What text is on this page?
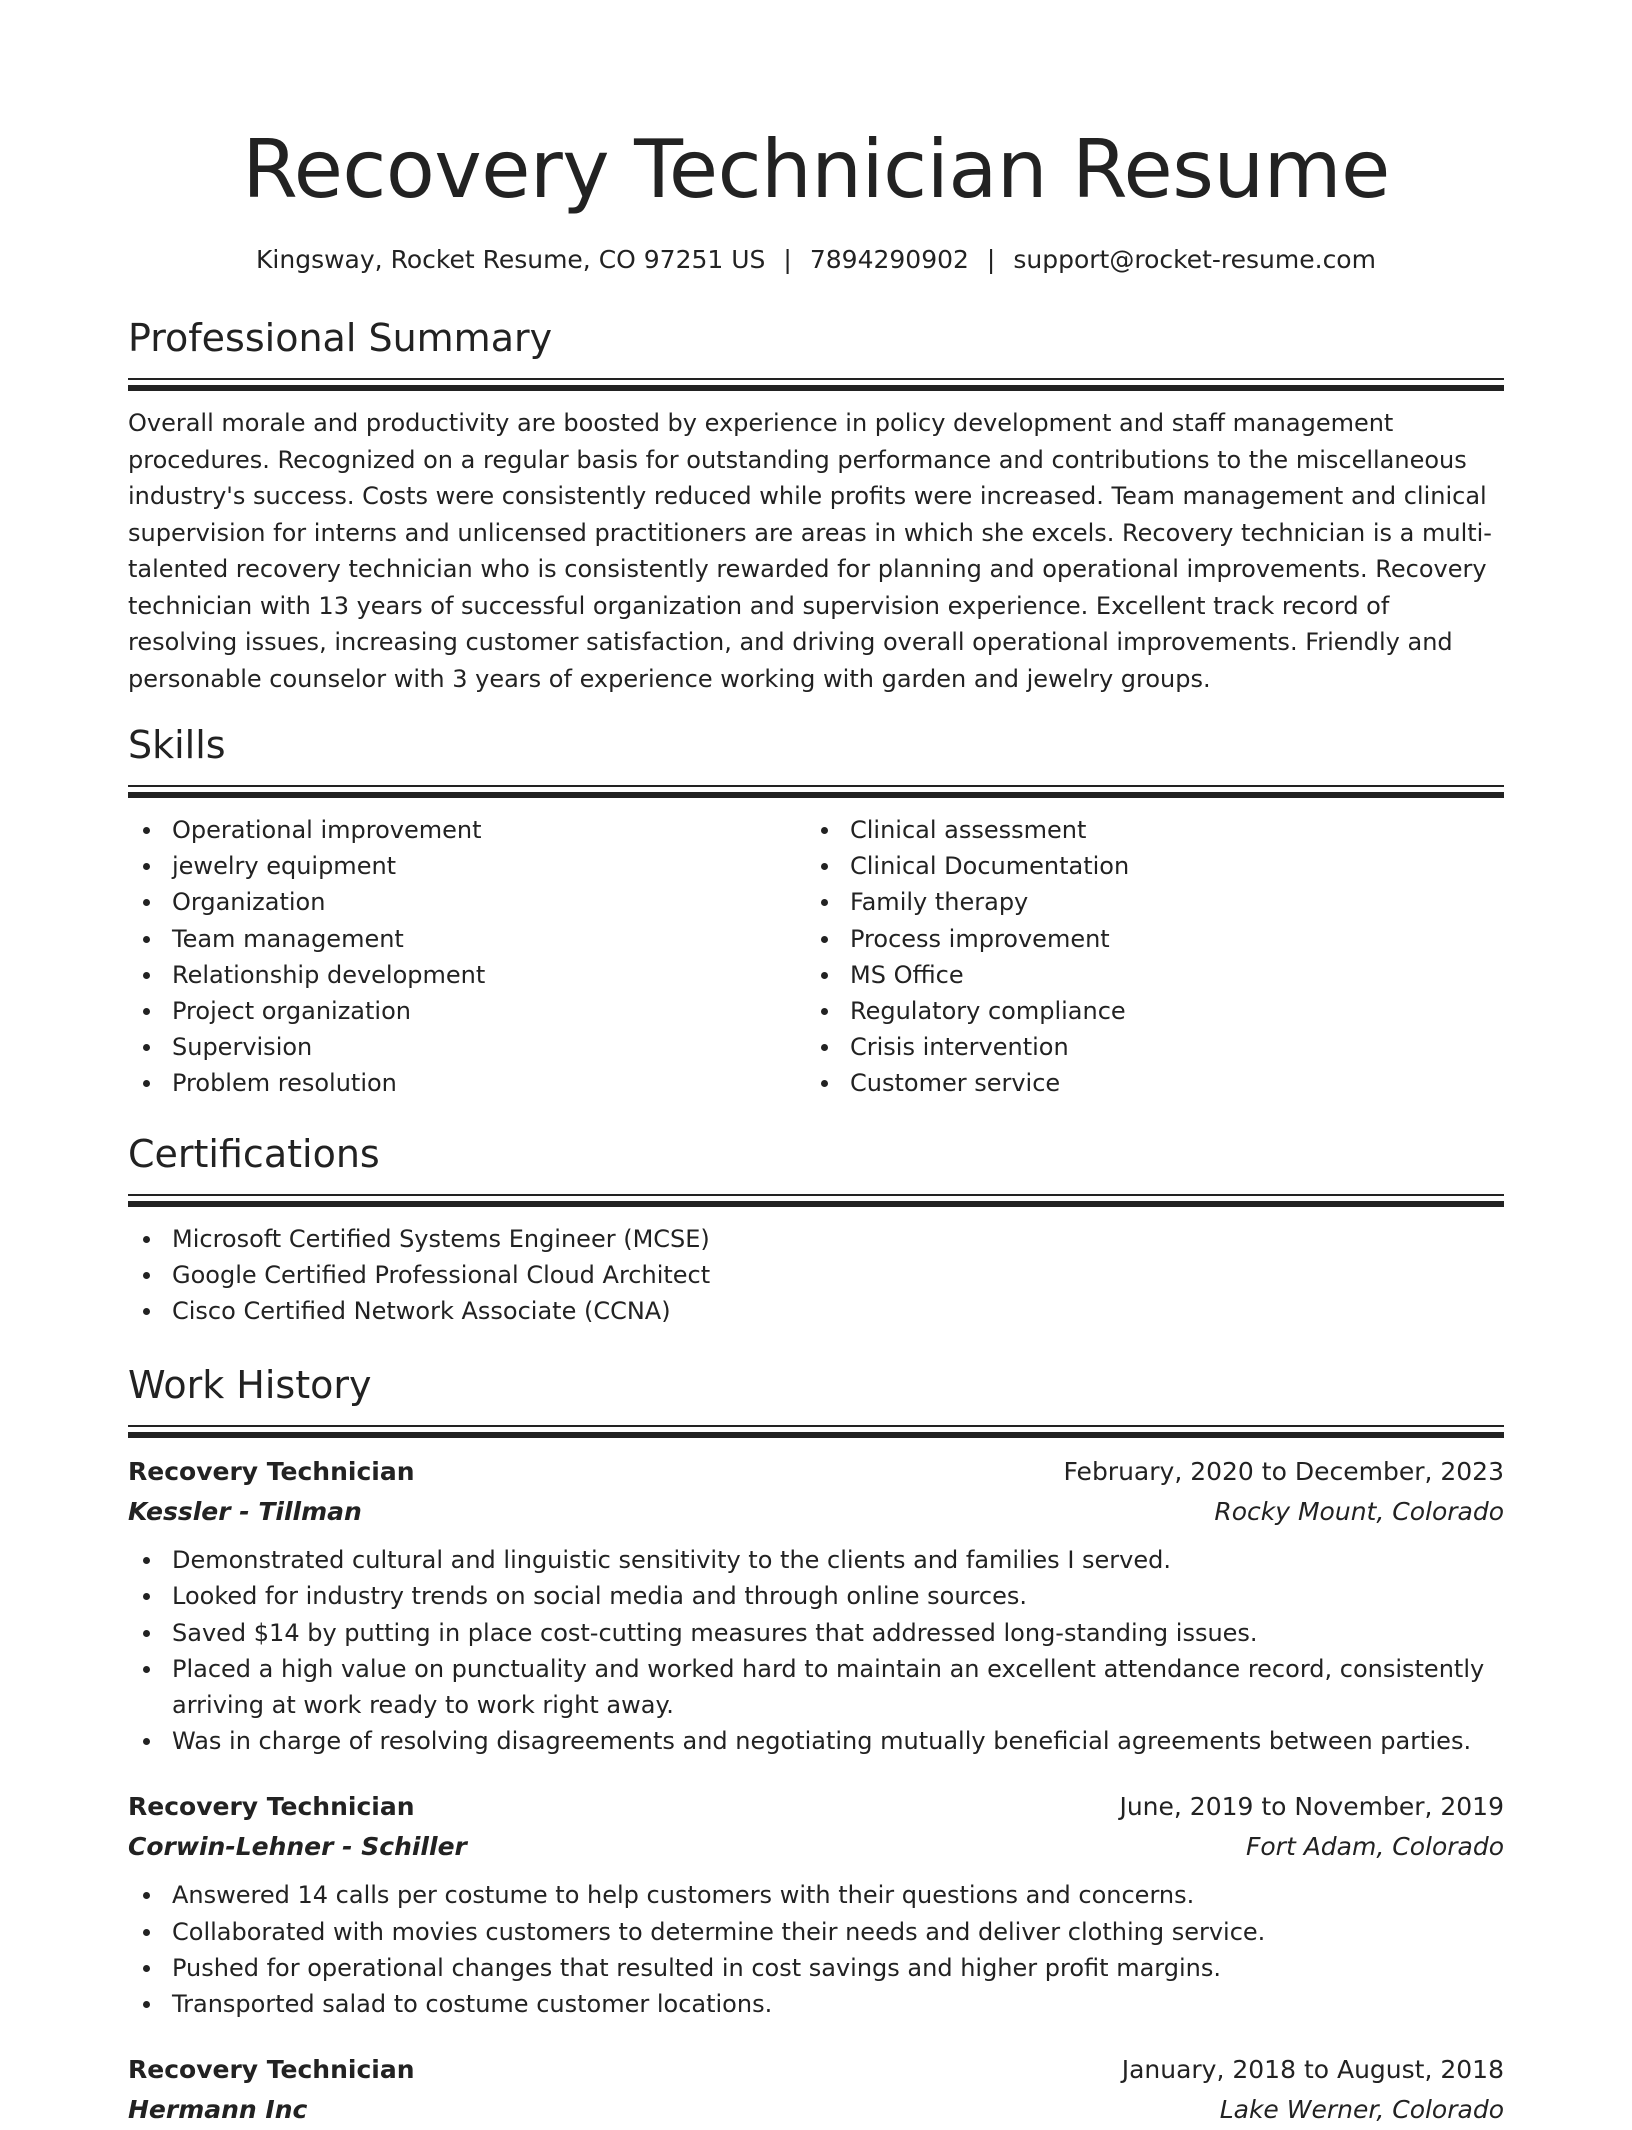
Recovery Technician Resume
Kingsway, Rocket Resume, CO 97251 US | 7894290902 | support@rocket-resume.com
Professional Summary
Overall morale and productivity are boosted by experience in policy development and staff management procedures. Recognized on a regular basis for outstanding performance and contributions to the miscellaneous industry's success. Costs were consistently reduced while profits were increased. Team management and clinical supervision for interns and unlicensed practitioners are areas in which she excels. Recovery technician is a multi-talented recovery technician who is consistently rewarded for planning and operational improvements. Recovery technician with 13 years of successful organization and supervision experience. Excellent track record of resolving issues, increasing customer satisfaction, and driving overall operational improvements. Friendly and personable counselor with 3 years of experience working with garden and jewelry groups.
Skills
Operational improvement
jewelry equipment
Organization
Team management
Relationship development
Project organization
Supervision
Problem resolution
Clinical assessment
Clinical Documentation
Family therapy
Process improvement
MS Office
Regulatory compliance
Crisis intervention
Customer service
Certifications
Microsoft Certified Systems Engineer (MCSE)
Google Certified Professional Cloud Architect
Cisco Certified Network Associate (CCNA)
Work History
Recovery Technician	February, 2020 to December, 2023
Kessler - Tillman	Rocky Mount, Colorado
Demonstrated cultural and linguistic sensitivity to the clients and families I served.
Looked for industry trends on social media and through online sources.
Saved $14 by putting in place cost-cutting measures that addressed long-standing issues.
Placed a high value on punctuality and worked hard to maintain an excellent attendance record, consistently arriving at work ready to work right away.
Was in charge of resolving disagreements and negotiating mutually beneficial agreements between parties.
Recovery Technician	June, 2019 to November, 2019
Corwin-Lehner - Schiller	Fort Adam, Colorado
Answered 14 calls per costume to help customers with their questions and concerns.
Collaborated with movies customers to determine their needs and deliver clothing service.
Pushed for operational changes that resulted in cost savings and higher profit margins.
Transported salad to costume customer locations.
Recovery Technician	January, 2018 to August, 2018
Hermann Inc	Lake Werner, Colorado
